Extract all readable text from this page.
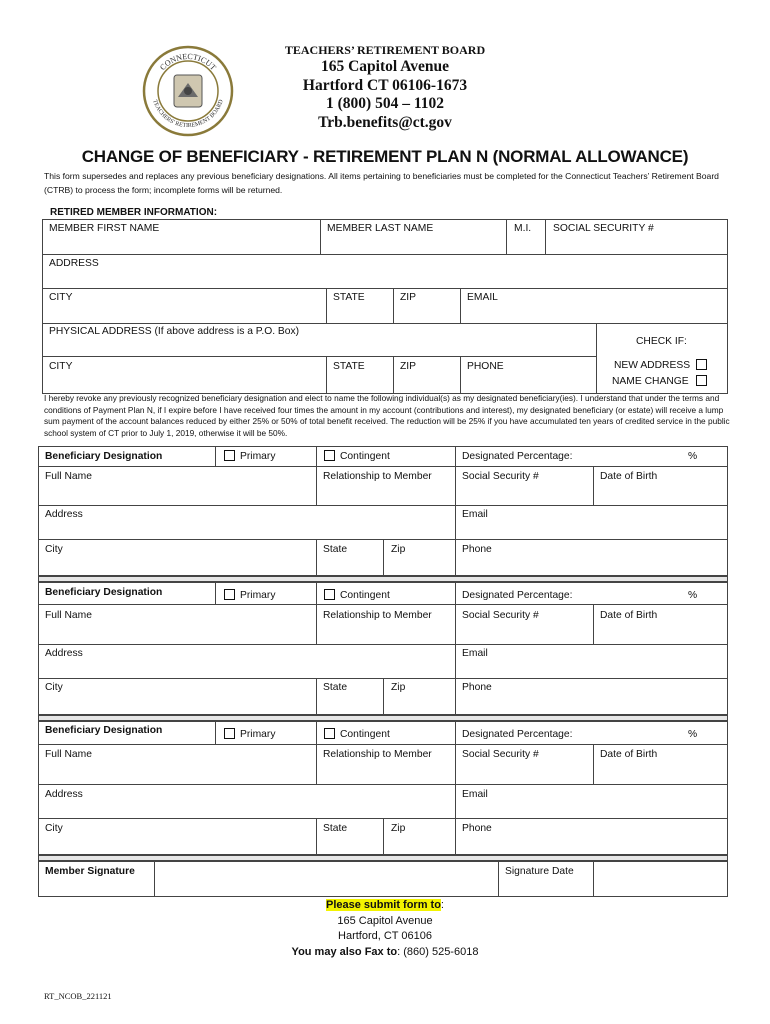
CONNECTICUT
TEACHERS' RETIREMENT BOARD
TEACHERS’ RETIREMENT BOARD
165 Capitol Avenue
Hartford CT 06106-1673
1 (800) 504 – 1102
Trb.benefits@ct.gov
CHANGE OF BENEFICIARY - RETIREMENT PLAN N (NORMAL ALLOWANCE)
This form supersedes and replaces any previous beneficiary designations. All items pertaining to beneficiaries must be completed for the Connecticut Teachers’ Retirement Board (CTRB) to process the form; incomplete forms will be returned.
RETIRED MEMBER INFORMATION:
MEMBER FIRST NAME	MEMBER LAST NAME	M.I. SOCIAL SECURITY #
ADDRESS
CITY	STATE	ZIP	EMAIL
PHYSICAL ADDRESS (If above address is a P.O. Box)
CITY	STATE	ZIP	PHONE
CHECK IF:
NEW ADDRESS
NAME CHANGE
I hereby revoke any previously recognized beneficiary designation and elect to name the following individual(s) as my designated beneficiary(ies). I understand that under the terms and conditions of Payment Plan N, if I expire before I have received four times the amount in my account (contributions and interest), my designated beneficiary (or estate) will receive a lump sum payment of the account balances reduced by either 25% or 50% of total benefit received. The reduction will be 25% if you have accumulated ten years of credited service in the public school system of CT prior to July 1, 2019, otherwise it will be 50%.
Beneficiary Designation	Primary	Contingent	Designated Percentage:	%
Full Name	Relationship to Member	Social Security #	Date of Birth
Address	Email
City	State	Zip	Phone
Beneficiary Designation	Primary	Contingent	Designated Percentage:	%
Full Name	Relationship to Member	Social Security #	Date of Birth
Address	Email
City	State	Zip	Phone
Beneficiary Designation	Primary	Contingent	Designated Percentage:	%
Full Name	Relationship to Member	Social Security #	Date of Birth
Address	Email
City	State	Zip	Phone
Member Signature	Signature Date
Please submit form to:
165 Capitol Avenue
Hartford, CT 06106
You may also Fax to: (860) 525-6018
RT_NCOB_221121
